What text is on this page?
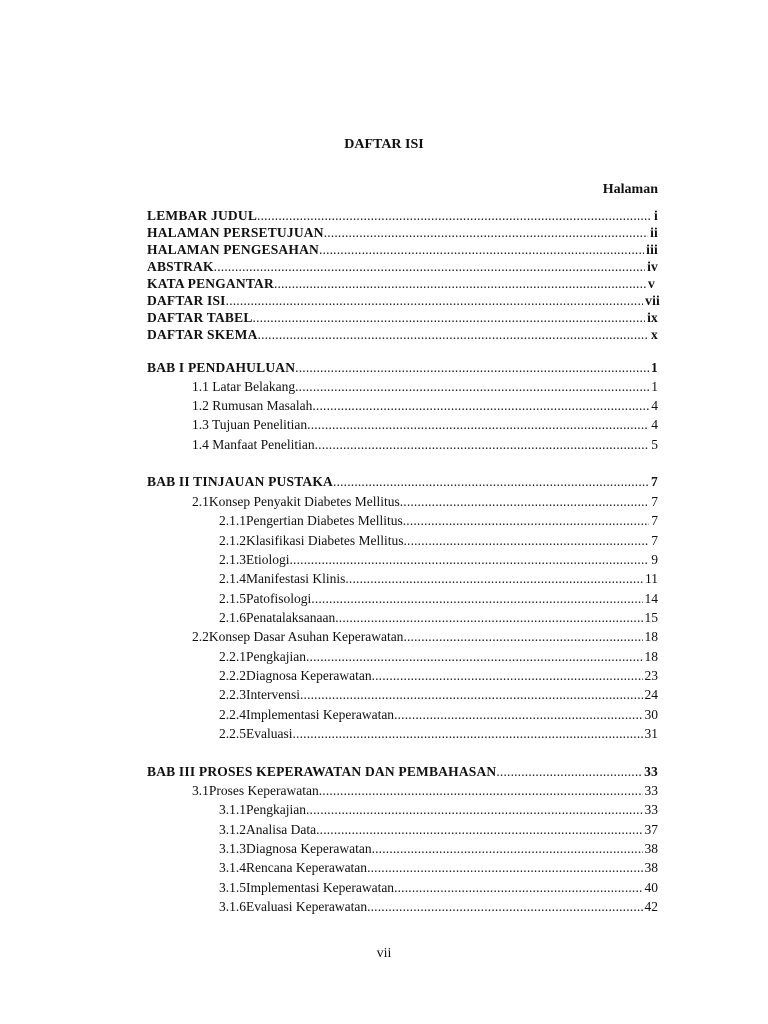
DAFTAR ISI
Halaman
LEMBAR JUDUL . . .	i
HALAMAN PERSETUJUAN . . .	ii
HALAMAN PENGESAHAN . . .	iii
ABSTRAK . . .	iv
KATA PENGANTAR . . .	v
DAFTAR ISI . . .	vii
DAFTAR TABEL . . .	ix
DAFTAR SKEMA . . .	x
BAB I PENDAHULUAN . . .	1
1.1 Latar Belakang . . .	1
1.2 Rumusan Masalah . . .	4
1.3 Tujuan Penelitian . . .	4
1.4 Manfaat Penelitian . . .	5
BAB II TINJAUAN PUSTAKA . . .	7
2.1 Konsep Penyakit Diabetes Mellitus . . .	7
2.1.1 Pengertian Diabetes Mellitus . . .	7
2.1.2 Klasifikasi Diabetes Mellitus . . .	7
2.1.3 Etiologi . . .	9
2.1.4 Manifestasi Klinis . . .	11
2.1.5 Patofisologi . . .	14
2.1.6 Penatalaksanaan . . .	15
2.2 Konsep Dasar Asuhan Keperawatan . . .	18
2.2.1 Pengkajian . . .	18
2.2.2 Diagnosa Keperawatan . . .	23
2.2.3 Intervensi . . .	24
2.2.4 Implementasi Keperawatan . . .	30
2.2.5 Evaluasi . . .	31
BAB III PROSES KEPERAWATAN DAN PEMBAHASAN . . .	33
3.1 Proses Keperawatan . . .	33
3.1.1 Pengkajian . . .	33
3.1.2 Analisa Data . . .	37
3.1.3 Diagnosa Keperawatan . . .	38
3.1.4 Rencana Keperawatan . . .	38
3.1.5 Implementasi Keperawatan . . .	40
3.1.6 Evaluasi Keperawatan . . .	42
vii
